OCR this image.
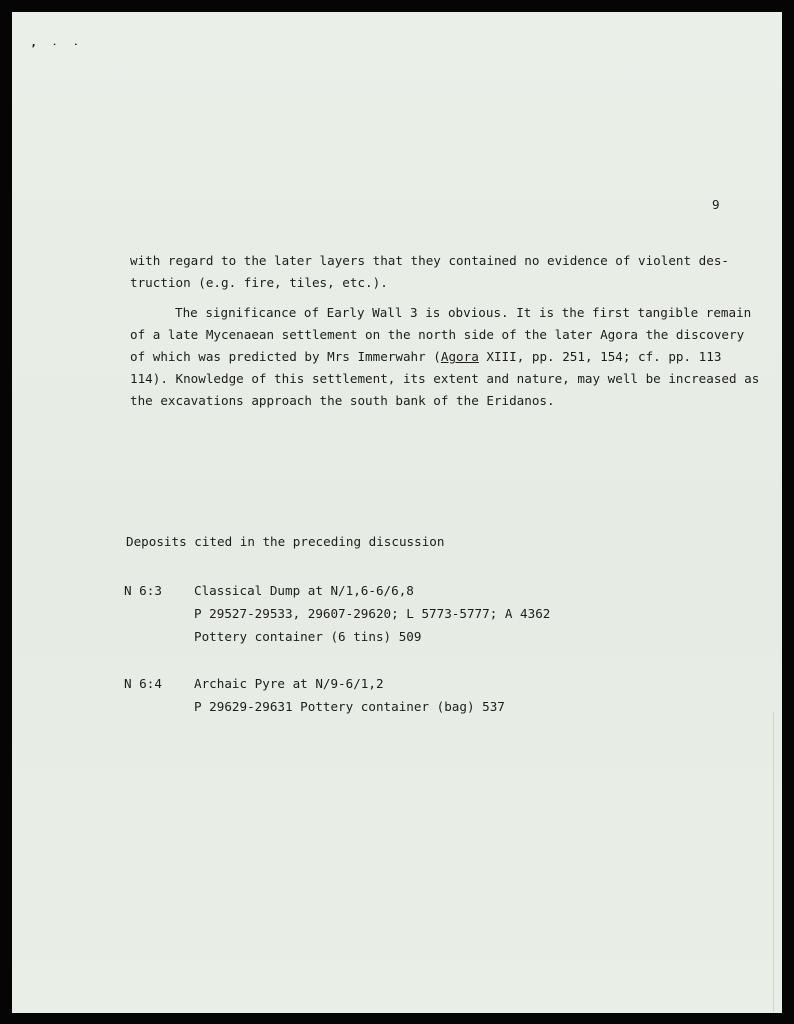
’ ˙ ˙
9

with regard to the later layers that they contained no evidence of violent des- truction (e.g. fire, tiles, etc.).

The significance of Early Wall 3 is obvious. It is the first tangible remain of a late Mycenaean settlement on the north side of the later Agora the discovery of which was predicted by Mrs Immerwahr (Agora XIII, pp. 251, 154; cf. pp. 113 114). Knowledge of this settlement, its extent and nature, may well be increased as the excavations approach the south bank of the Eridanos.

Deposits cited in the preceding discussion
N 6:3	Classical Dump at N/1,6-6/6,8
P 29527-29533, 29607-29620; L 5773-5777; A 4362
Pottery container (6 tins) 509
N 6:4	Archaic Pyre at N/9-6/1,2
P 29629-29631 Pottery container (bag) 537
